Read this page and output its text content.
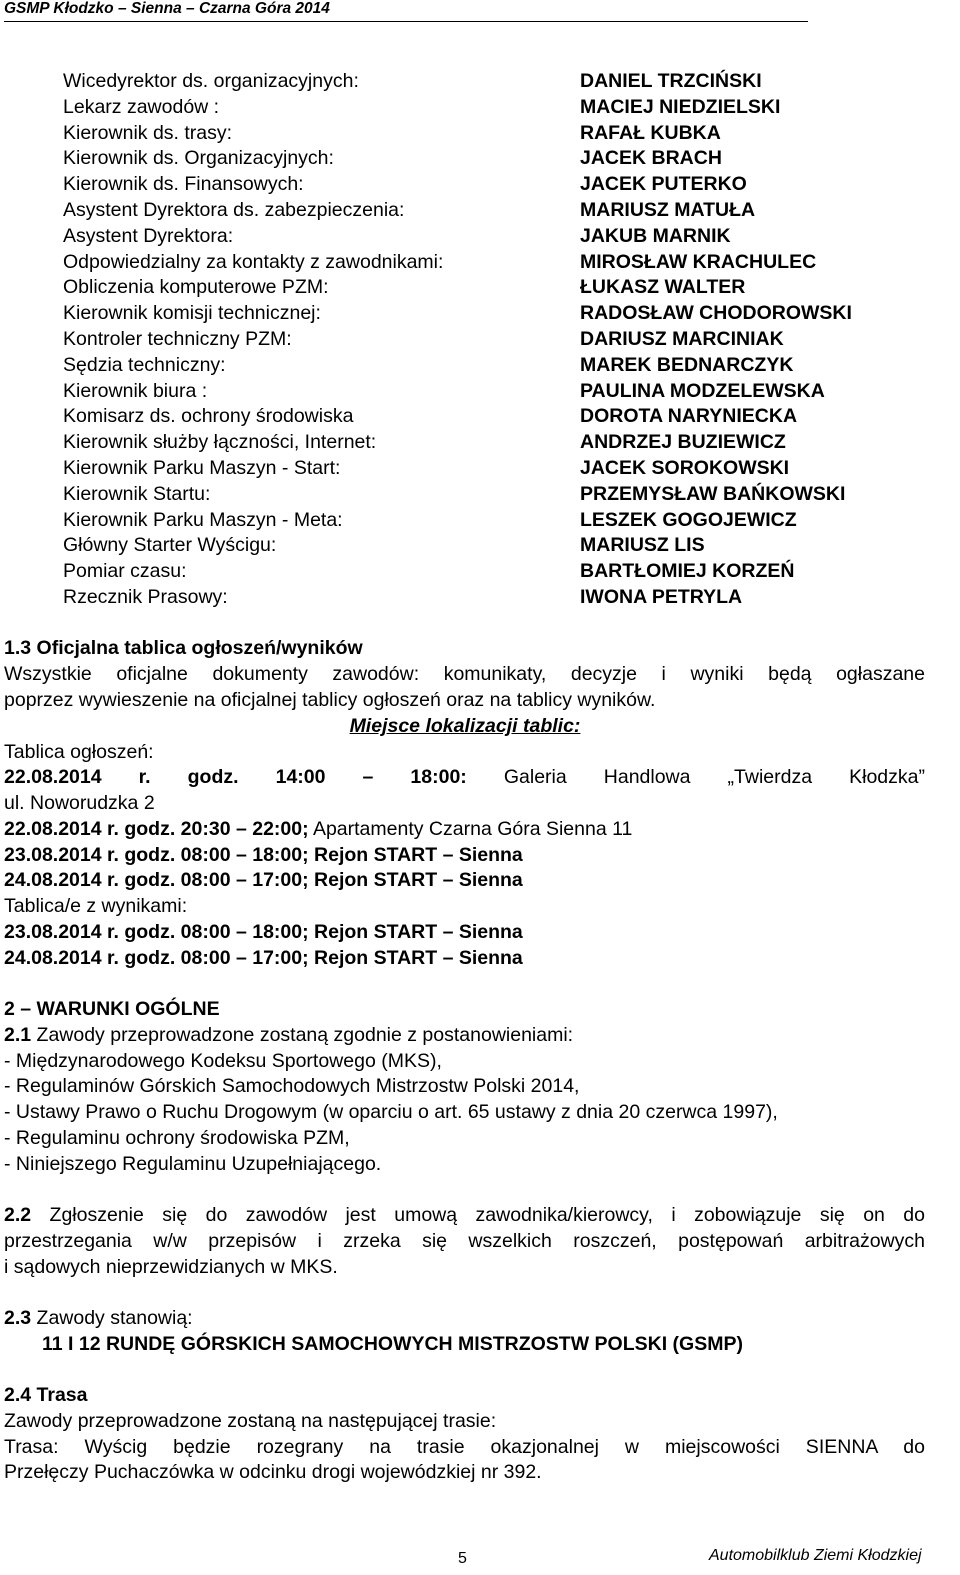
GSMP Kłodzko – Sienna – Czarna Góra 2014
Wicedyrektor ds. organizacyjnych:	DANIEL TRZCIŃSKI
Lekarz zawodów :	MACIEJ NIEDZIELSKI
Kierownik ds. trasy:	RAFAŁ KUBKA
Kierownik ds. Organizacyjnych:	JACEK BRACH
Kierownik ds. Finansowych:	JACEK PUTERKO
Asystent Dyrektora ds. zabezpieczenia:	MARIUSZ MATUŁA
Asystent Dyrektora:	JAKUB MARNIK
Odpowiedzialny za kontakty z zawodnikami:	MIROSŁAW KRACHULEC
Obliczenia komputerowe PZM:	ŁUKASZ WALTER
Kierownik komisji technicznej:	RADOSŁAW CHODOROWSKI
Kontroler techniczny PZM:	DARIUSZ MARCINIAK
Sędzia techniczny:	MAREK BEDNARCZYK
Kierownik biura :	PAULINA MODZELEWSKA
Komisarz ds. ochrony środowiska	DOROTA NARYNIECKA
Kierownik służby łączności, Internet:	ANDRZEJ BUZIEWICZ
Kierownik Parku Maszyn - Start:	JACEK SOROKOWSKI
Kierownik Startu:	PRZEMYSŁAW BAŃKOWSKI
Kierownik Parku Maszyn - Meta:	LESZEK GOGOJEWICZ
Główny Starter Wyścigu:	MARIUSZ LIS
Pomiar czasu:	BARTŁOMIEJ KORZEŃ
Rzecznik Prasowy:	IWONA PETRYLA
1.3 Oficjalna tablica ogłoszeń/wyników
Wszystkie oficjalne dokumenty zawodów: komunikaty, decyzje i wyniki będą ogłaszane
poprzez wywieszenie na oficjalnej tablicy ogłoszeń oraz na tablicy wyników.
Miejsce lokalizacji tablic:
Tablica ogłoszeń:
22.08.2014 r. godz. 14:00 – 18:00: Galeria Handlowa „Twierdza Kłodzka”
ul. Noworudzka 2
22.08.2014 r. godz. 20:30 – 22:00; Apartamenty Czarna Góra Sienna 11
23.08.2014 r. godz. 08:00 – 18:00; Rejon START – Sienna
24.08.2014 r. godz. 08:00 – 17:00; Rejon START – Sienna
Tablica/e z wynikami:
23.08.2014 r. godz. 08:00 – 18:00; Rejon START – Sienna
24.08.2014 r. godz. 08:00 – 17:00; Rejon START – Sienna
2 – WARUNKI OGÓLNE
2.1 Zawody przeprowadzone zostaną zgodnie z postanowieniami:
- Międzynarodowego Kodeksu Sportowego (MKS),
- Regulaminów Górskich Samochodowych Mistrzostw Polski 2014,
- Ustawy Prawo o Ruchu Drogowym (w oparciu o art. 65 ustawy z dnia 20 czerwca 1997),
- Regulaminu ochrony środowiska PZM,
- Niniejszego Regulaminu Uzupełniającego.
2.2 Zgłoszenie się do zawodów jest umową zawodnika/kierowcy, i zobowiązuje się on do
przestrzegania w/w przepisów i zrzeka się wszelkich roszczeń, postępowań arbitrażowych
i sądowych nieprzewidzianych w MKS.
2.3 Zawody stanowią:
11 I 12 RUNDĘ GÓRSKICH SAMOCHOWYCH MISTRZOSTW POLSKI (GSMP)
2.4 Trasa
Zawody przeprowadzone zostaną na następującej trasie:
Trasa: Wyścig będzie rozegrany na trasie okazjonalnej w miejscowości SIENNA do
Przełęczy Puchaczówka w odcinku drogi wojewódzkiej nr 392.
5	Automobilklub Ziemi Kłodzkiej
